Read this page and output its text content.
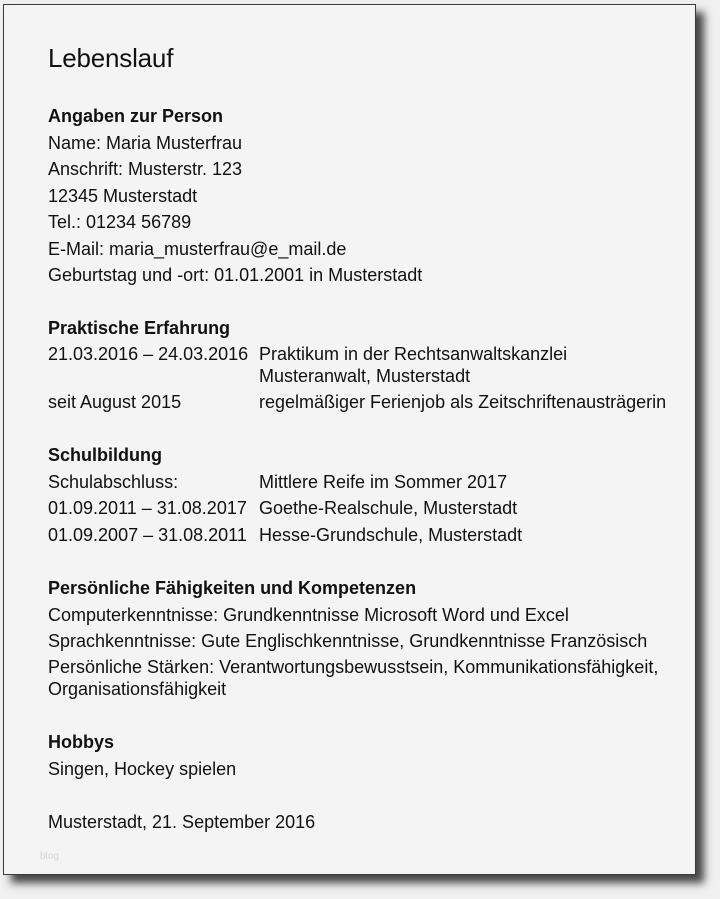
Lebenslauf
Angaben zur Person
Name: Maria Musterfrau
Anschrift: Musterstr. 123
12345 Musterstadt
Tel.: 01234 56789
E-Mail: maria_musterfrau@e_mail.de
Geburtstag und -ort: 01.01.2001 in Musterstadt
Praktische Erfahrung
21.03.2016 – 24.03.2016 Praktikum in der Rechtsanwaltskanzlei
Musteranwalt, Musterstadt
seit August 2015	regelmäßiger Ferienjob als Zeitschriftenausträgerin
Schulbildung
Schulabschluss:	Mittlere Reife im Sommer 2017
01.09.2011 – 31.08.2017 Goethe-Realschule, Musterstadt
01.09.2007 – 31.08.2011 Hesse-Grundschule, Musterstadt
Persönliche Fähigkeiten und Kompetenzen
Computerkenntnisse: Grundkenntnisse Microsoft Word und Excel
Sprachkenntnisse: Gute Englischkenntnisse, Grundkenntnisse Französisch
Persönliche Stärken: Verantwortungsbewusstsein, Kommunikationsfähigkeit, Organisationsfähigkeit
Hobbys
Singen, Hockey spielen
Musterstadt, 21. September 2016
blog
